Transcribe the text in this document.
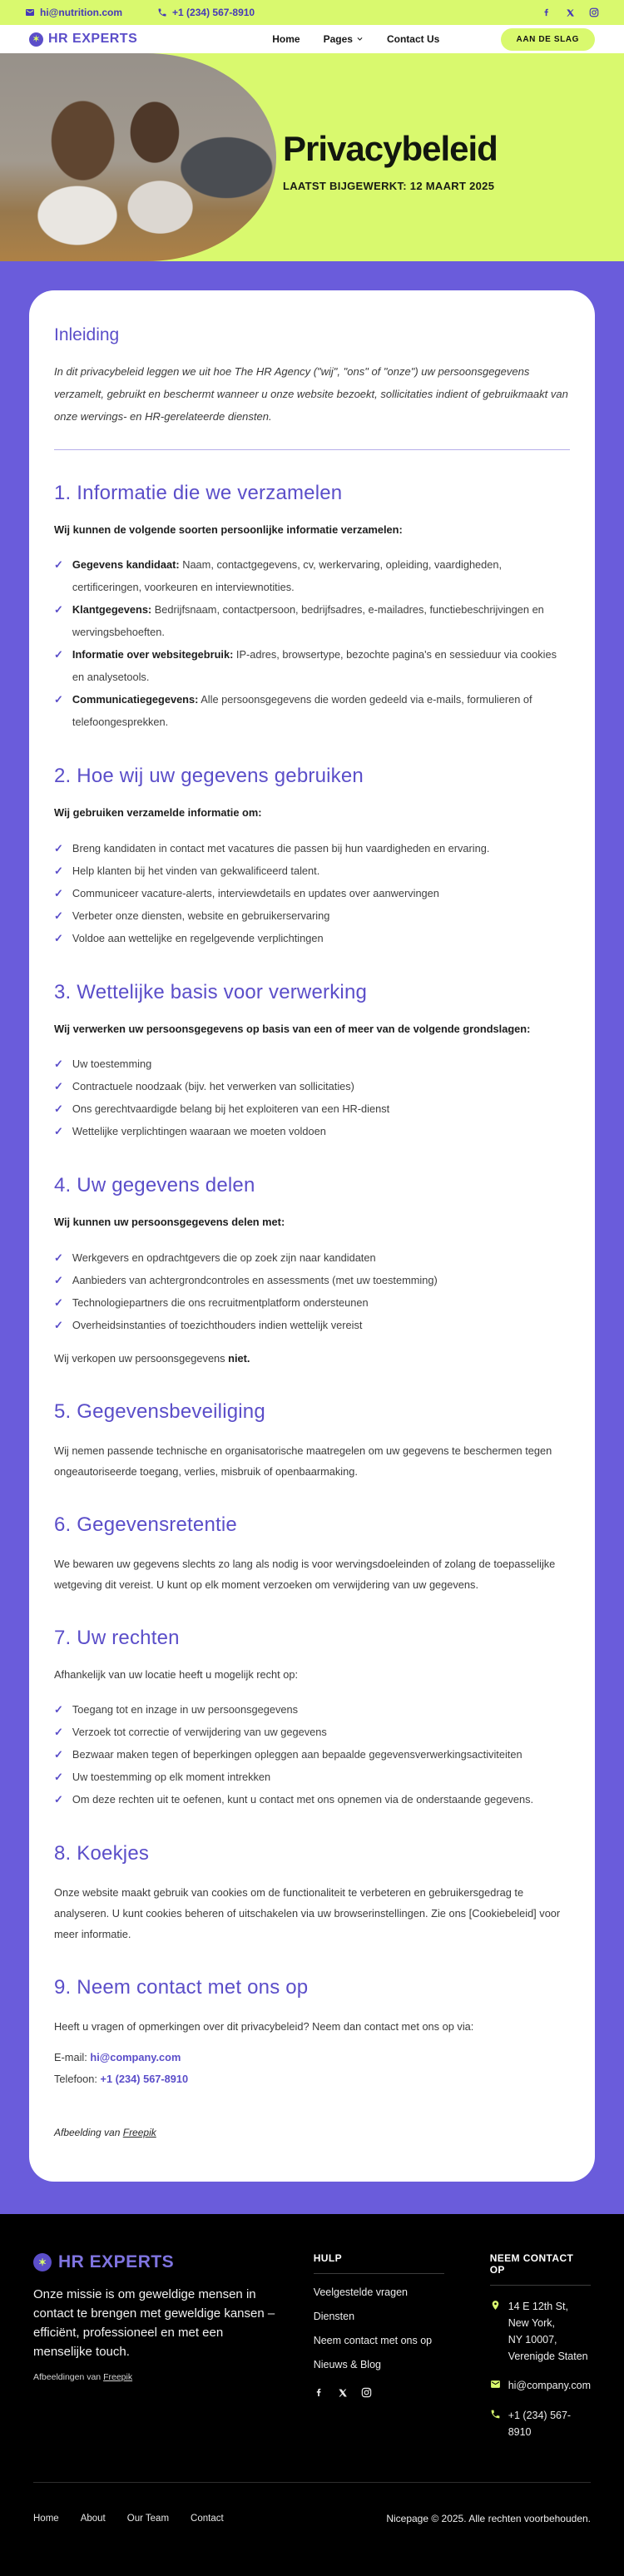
hi@nutrition.com	+1 (234) 567-8910
✶ HR EXPERTS	Home Pages	Contact Us	AAN DE SLAG
Privacybeleid
LAATST BIJGEWERKT: 12 MAART 2025
Inleiding

In dit privacybeleid leggen we uit hoe The HR Agency ("wij", "ons" of "onze") uw persoonsgegevens verzamelt, gebruikt en beschermt wanneer u onze website bezoekt, sollicitaties indient of gebruikmaakt van onze wervings- en HR-gerelateerde diensten.

1. Informatie die we verzamelen

Wij kunnen de volgende soorten persoonlijke informatie verzamelen:

✓ Gegevens kandidaat: Naam, contactgegevens, cv, werkervaring, opleiding, vaardigheden, certificeringen, voorkeuren en interviewnotities.
✓ Klantgegevens: Bedrijfsnaam, contactpersoon, bedrijfsadres, e-mailadres, functiebeschrijvingen en wervingsbehoeften.
✓ Informatie over websitegebruik: IP-adres, browsertype, bezochte pagina's en sessieduur via cookies en analysetools.
✓ Communicatiegegevens: Alle persoonsgegevens die worden gedeeld via e-mails, formulieren of telefoongesprekken.
2. Hoe wij uw gegevens gebruiken

Wij gebruiken verzamelde informatie om:

✓ Breng kandidaten in contact met vacatures die passen bij hun vaardigheden en ervaring.
✓ Help klanten bij het vinden van gekwalificeerd talent.
✓ Communiceer vacature-alerts, interviewdetails en updates over aanwervingen
✓ Verbeter onze diensten, website en gebruikerservaring
✓ Voldoe aan wettelijke en regelgevende verplichtingen
3. Wettelijke basis voor verwerking

Wij verwerken uw persoonsgegevens op basis van een of meer van de volgende grondslagen:

✓ Uw toestemming
✓ Contractuele noodzaak (bijv. het verwerken van sollicitaties)
✓ Ons gerechtvaardigde belang bij het exploiteren van een HR-dienst
✓ Wettelijke verplichtingen waaraan we moeten voldoen
4. Uw gegevens delen

Wij kunnen uw persoonsgegevens delen met:

✓ Werkgevers en opdrachtgevers die op zoek zijn naar kandidaten
✓ Aanbieders van achtergrondcontroles en assessments (met uw toestemming)
✓ Technologiepartners die ons recruitmentplatform ondersteunen
✓ Overheidsinstanties of toezichthouders indien wettelijk vereist

Wij verkopen uw persoonsgegevens niet.

5. Gegevensbeveiliging

Wij nemen passende technische en organisatorische maatregelen om uw gegevens te beschermen tegen ongeautoriseerde toegang, verlies, misbruik of openbaarmaking.

6. Gegevensretentie

We bewaren uw gegevens slechts zo lang als nodig is voor wervingsdoeleinden of zolang de toepasselijke wetgeving dit vereist. U kunt op elk moment verzoeken om verwijdering van uw gegevens.

7. Uw rechten

Afhankelijk van uw locatie heeft u mogelijk recht op:

✓ Toegang tot en inzage in uw persoonsgegevens
✓ Verzoek tot correctie of verwijdering van uw gegevens
✓ Bezwaar maken tegen of beperkingen opleggen aan bepaalde gegevensverwerkingsactiviteiten
✓ Uw toestemming op elk moment intrekken
✓ Om deze rechten uit te oefenen, kunt u contact met ons opnemen via de onderstaande gegevens.
8. Koekjes

Onze website maakt gebruik van cookies om de functionaliteit te verbeteren en gebruikersgedrag te analyseren. U kunt cookies beheren of uitschakelen via uw browserinstellingen. Zie ons [Cookiebeleid] voor meer informatie.

9. Neem contact met ons op

Heeft u vragen of opmerkingen over dit privacybeleid? Neem dan contact met ons op via:

E-mail: hi@company.com

Telefoon: +1 (234) 567-8910

Afbeelding van Freepik

✶ HR EXPERTS

Onze missie is om geweldige mensen in contact te brengen met geweldige kansen – efficiënt, professioneel en met een menselijke touch.

Afbeeldingen van Freepik

HULP
Veelgestelde vragen
Diensten
Neem contact met ons op
Nieuws & Blog
NEEM CONTACT OP
14 E 12th St, New York,
NY 10007, Verenigde Staten
hi@company.com
+1 (234) 567-8910
Home About Our Team Contact	Nicepage © 2025. Alle rechten voorbehouden.
